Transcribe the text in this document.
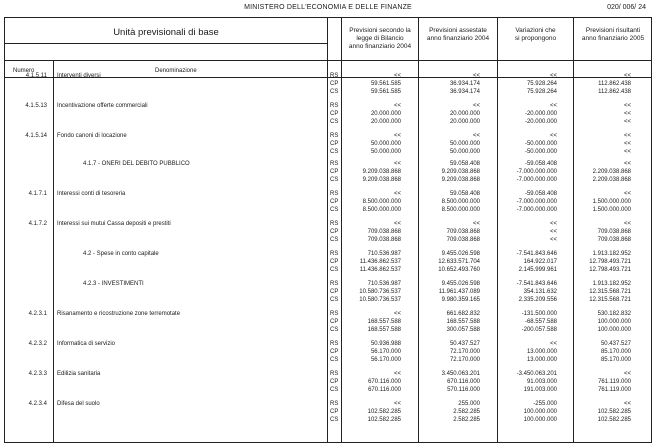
MINISTERO DELL'ECONOMIA E DELLE FINANZE	020/ 006/ 24
Unità previsionali di base
Numero	Denominazione
Previsioni secondo la
legge di Bilancio
anno finanziario 2004
Previsioni assestate
anno finanziario 2004
Variazioni che
si propongono
Previsioni risultanti
anno finanziario 2005
4.1.5.11 Interventi diversi	RS	<<	<<	<<	<<
CP	59.561.585	36.934.174	75.928.264	112.862.438
CS	59.561.585	36.934.174	75.928.264	112.862.438
4.1.5.13 Incentivazione offerte commerciali	RS	<<	<<	<<	<<
CP	20.000.000	20.000.000	-20.000.000	<<
CS	20.000.000	20.000.000	-20.000.000	<<
4.1.5.14 Fondo canoni di locazione	RS	<<	<<	<<	<<
CP	50.000.000	50.000.000	-50.000.000	<<
CS	50.000.000	50.000.000	-50.000.000	<<
4.1.7 - ONERI DEL DEBITO PUBBLICO	RS	<<	59.058.408	-59.058.408	<<
CP	9.209.038.868	9.209.038.868	-7.000.000.000	2.209.038.868
CS	9.209.038.868	9.209.038.868	-7.000.000.000	2.209.038.868
4.1.7.1 Interessi conti di tesoreria	RS	<<	59.058.408	-59.058.408	<<
CP	8.500.000.000	8.500.000.000	-7.000.000.000	1.500.000.000
CS	8.500.000.000	8.500.000.000	-7.000.000.000	1.500.000.000
4.1.7.2 Interessi sui mutui Cassa depositi e prestiti	RS	<<	<<	<<	<<
CP	709.038.868	709.038.868	<<	709.038.868
CS	709.038.868	709.038.868	<<	709.038.868
4.2 - Spese in conto capitale	RS	710.536.987	9.455.026.598	-7.541.843.646	1.913.182.952
CP	11.436.862.537	12.633.571.704	164.922.017	12.798.493.721
CS	11.436.862.537	10.652.493.760	2.145.999.961	12.798.493.721
4.2.3 - INVESTIMENTI	RS	710.536.987	9.455.026.598	-7.541.843.646	1.913.182.952
CP	10.580.736.537	11.961.437.089	354.131.632	12.315.568.721
CS	10.580.736.537	9.980.359.165	2.335.209.556	12.315.568.721
4.2.3.1 Risanamento e ricostruzione zone terremotate	RS	<<	661.682.832	-131.500.000	530.182.832
CP	168.557.588	168.557.588	-68.557.588	100.000.000
CS	168.557.588	300.057.588	-200.057.588	100.000.000
4.2.3.2 Informatica di servizio	RS	50.936.988	50.437.527	<<	50.437.527
CP	56.170.000	72.170.000	13.000.000	85.170.000
CS	56.170.000	72.170.000	13.000.000	85.170.000
4.2.3.3 Edilizia sanitaria	RS	<<	3.450.063.201	-3.450.063.201	<<
CP	670.116.000	670.116.000	91.003.000	761.119.000
CS	670.116.000	570.116.000	191.003.000	761.119.000
4.2.3.4 Difesa del suolo	RS	<<	255.000	-255.000	<<
CP	102.582.285	2.582.285	100.000.000	102.582.285
CS	102.582.285	2.582.285	100.000.000	102.582.285
